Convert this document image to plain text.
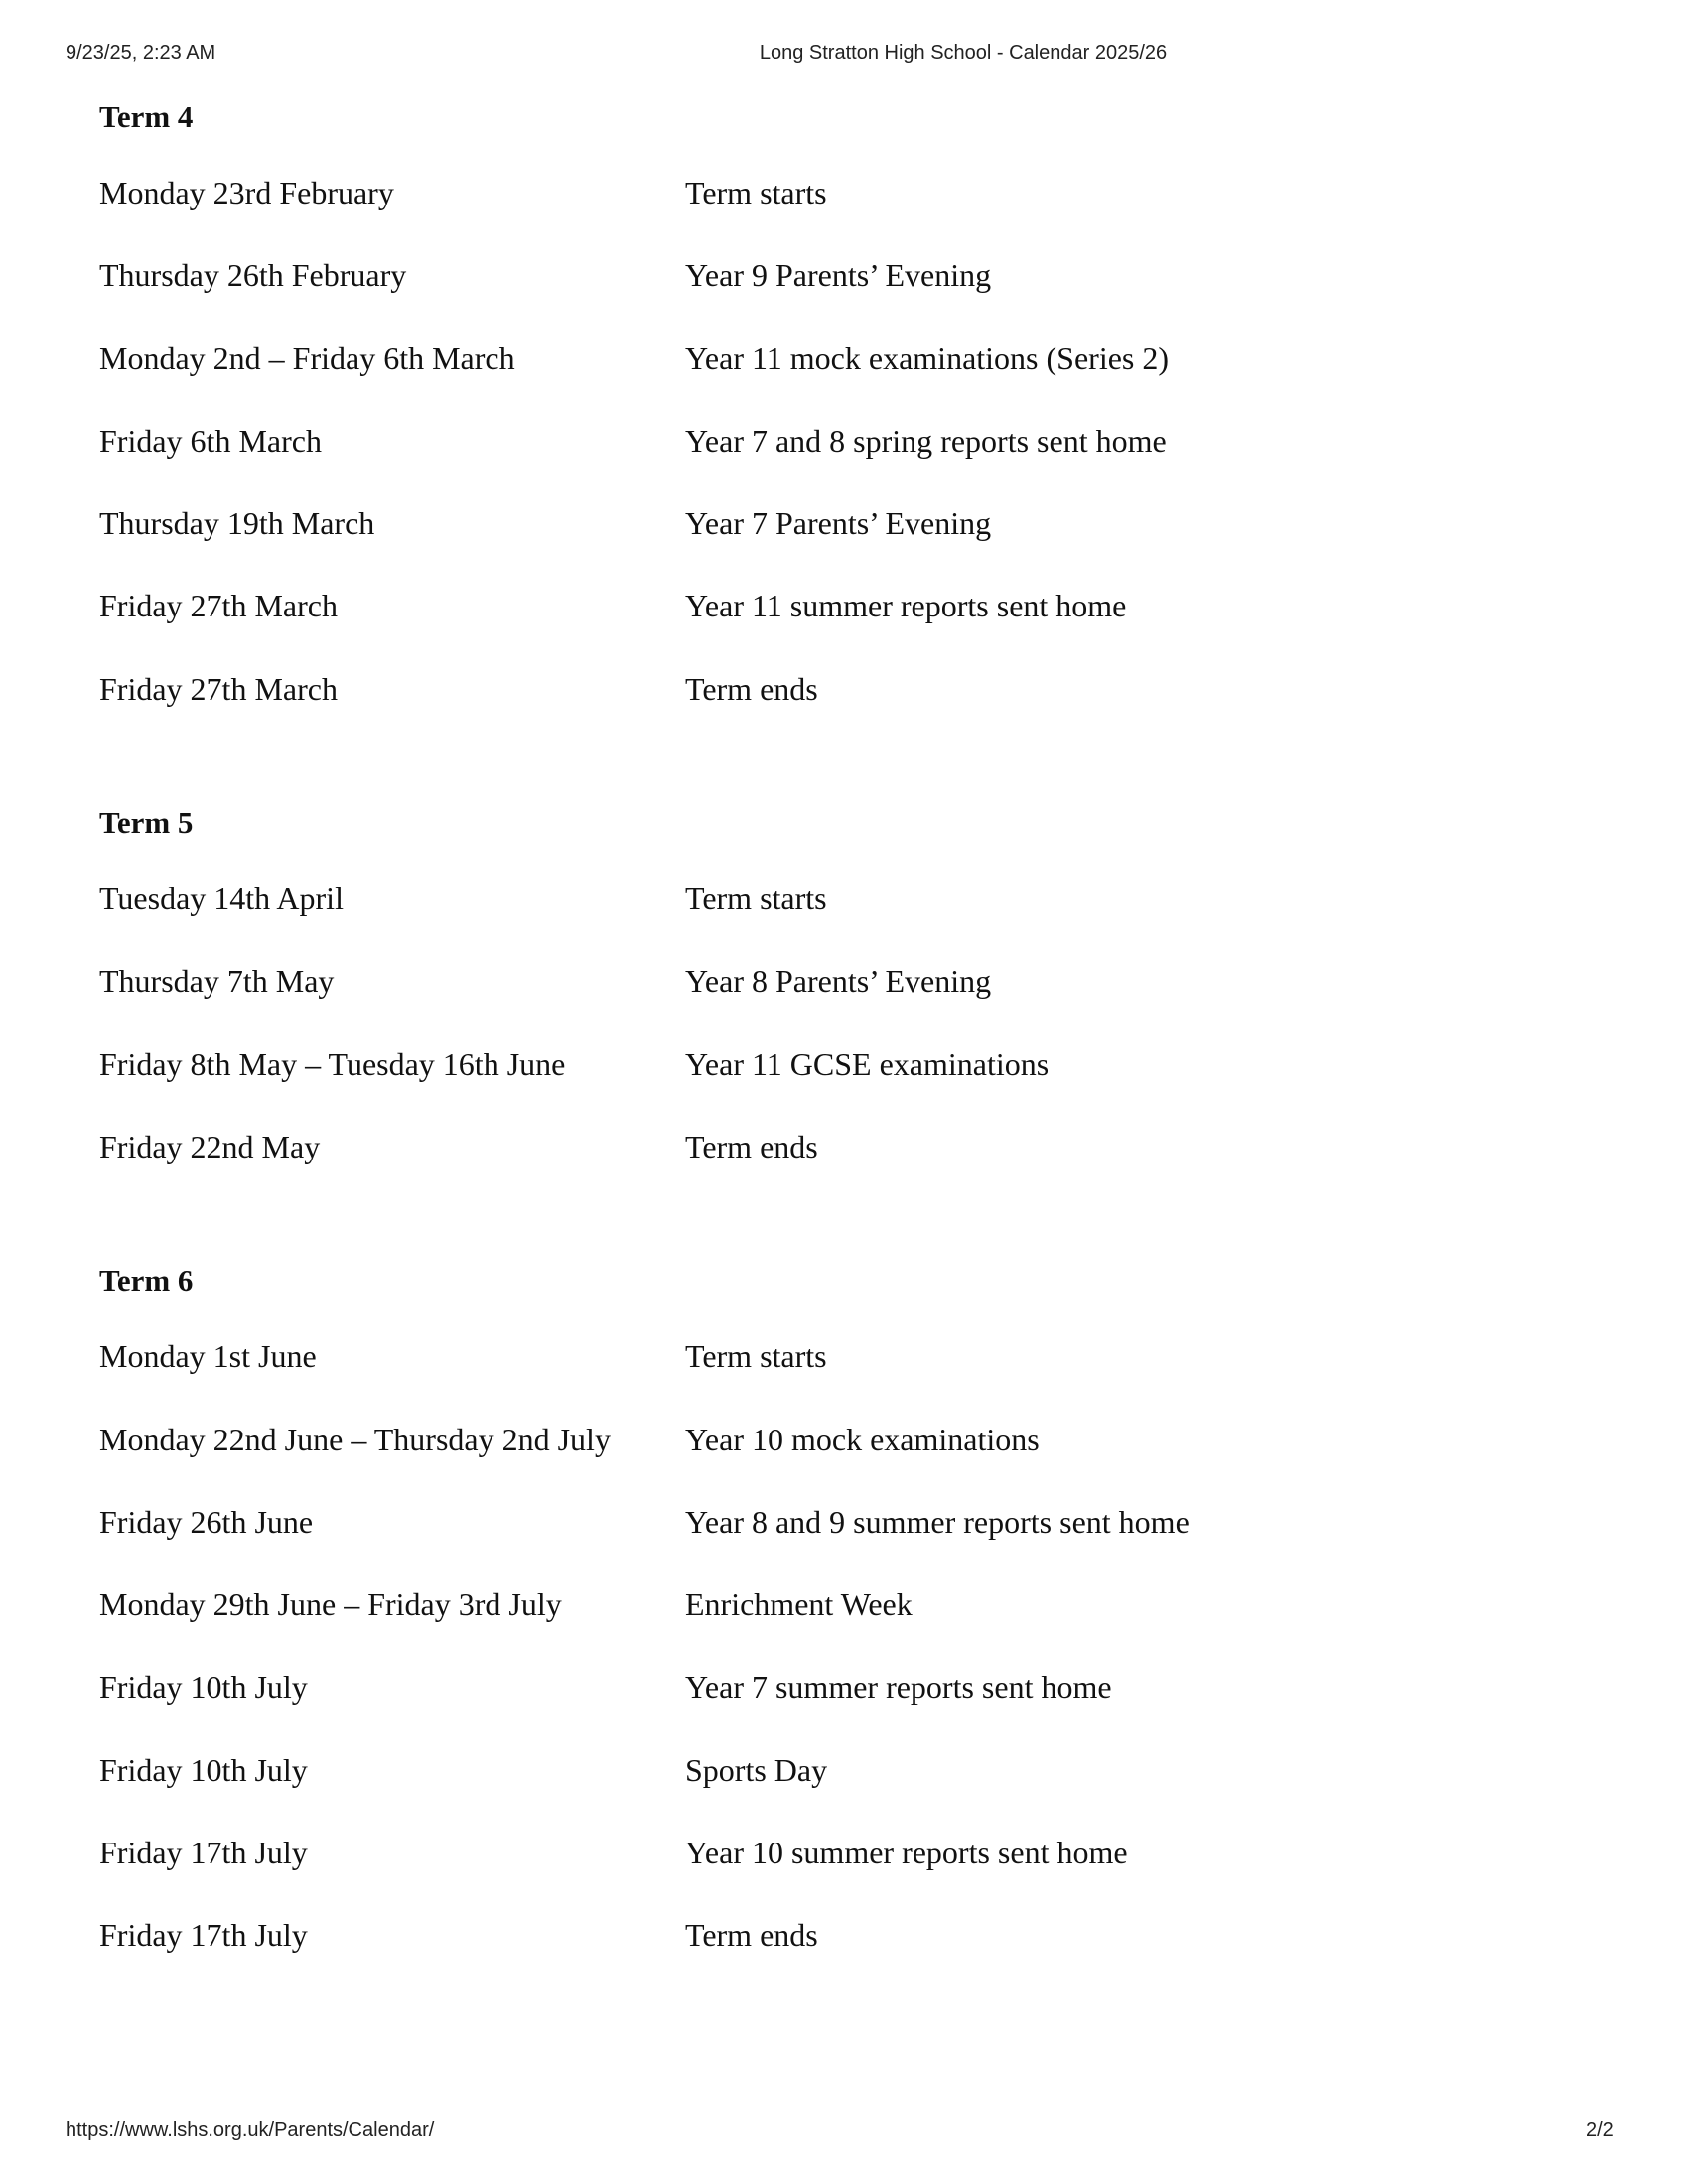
9/23/25, 2:23 AM	Long Stratton High School - Calendar 2025/26
Term 4
Monday 23rd February	Term starts
Thursday 26th February	Year 9 Parents’ Evening
Monday 2nd – Friday 6th March	Year 11 mock examinations (Series 2)
Friday 6th March	Year 7 and 8 spring reports sent home
Thursday 19th March	Year 7 Parents’ Evening
Friday 27th March	Year 11 summer reports sent home
Friday 27th March	Term ends
Term 5
Tuesday 14th April	Term starts
Thursday 7th May	Year 8 Parents’ Evening
Friday 8th May – Tuesday 16th June	Year 11 GCSE examinations
Friday 22nd May	Term ends
Term 6
Monday 1st June	Term starts
Monday 22nd June – Thursday 2nd July	Year 10 mock examinations
Friday 26th June	Year 8 and 9 summer reports sent home
Monday 29th June – Friday 3rd July	Enrichment Week
Friday 10th July	Year 7 summer reports sent home
Friday 10th July	Sports Day
Friday 17th July	Year 10 summer reports sent home
Friday 17th July	Term ends
https://www.lshs.org.uk/Parents/Calendar/	2/2
